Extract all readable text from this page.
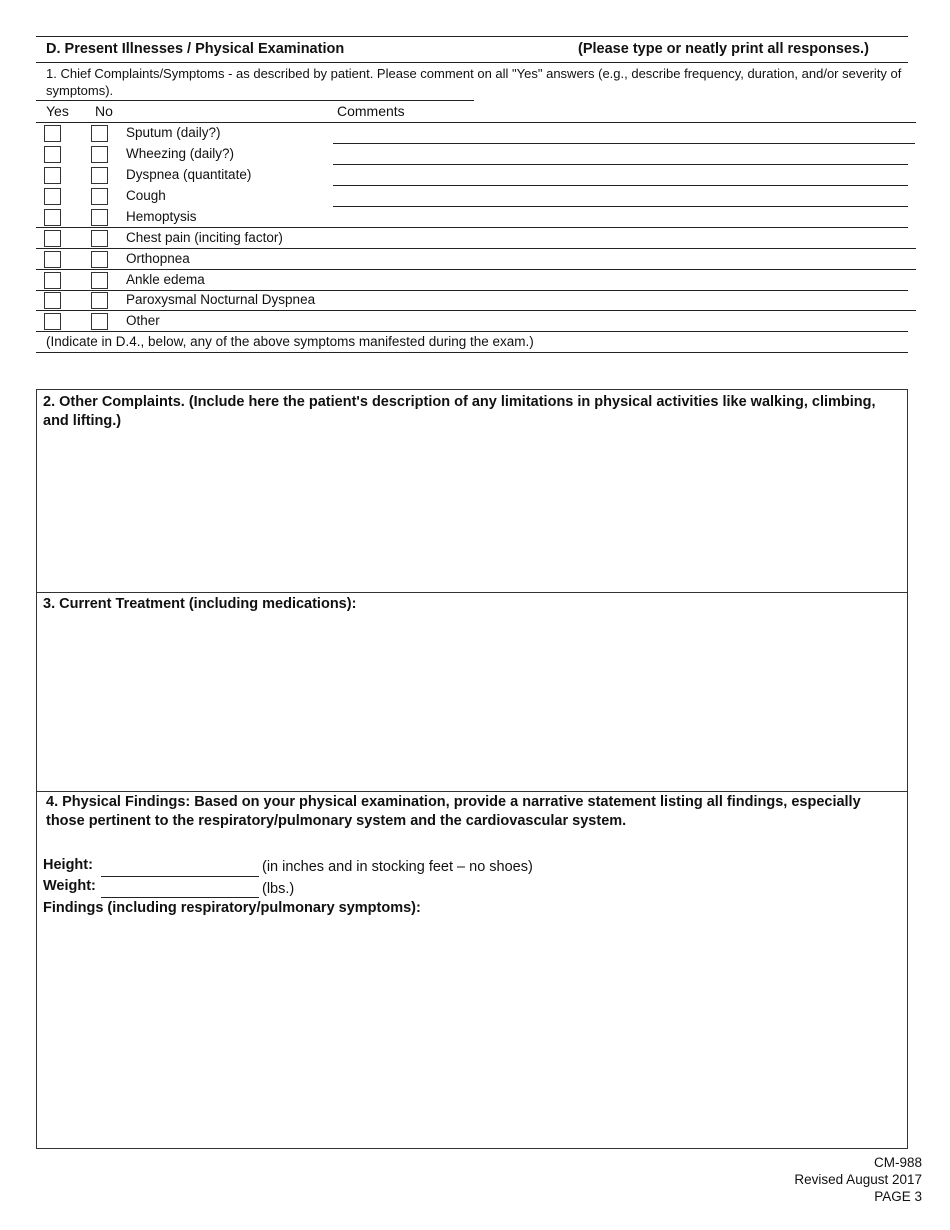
D. Present Illnesses / Physical Examination	(Please type or neatly print all responses.)
1. Chief Complaints/Symptoms - as described by patient. Please comment on all "Yes" answers (e.g., describe frequency, duration, and/or severity of symptoms).
Yes No	Comments
Sputum (daily?)
Wheezing (daily?)
Dyspnea (quantitate)
Cough
Hemoptysis
Chest pain (inciting factor)
Orthopnea
Ankle edema
Paroxysmal Nocturnal Dyspnea
Other
(Indicate in D.4., below, any of the above symptoms manifested during the exam.)
2. Other Complaints. (Include here the patient's description of any limitations in physical activities like walking, climbing, and lifting.)
3. Current Treatment (including medications):
4. Physical Findings: Based on your physical examination, provide a narrative statement listing all findings, especially those pertinent to the respiratory/pulmonary system and the cardiovascular system.
Height:	(in inches and in stocking feet – no shoes)
Weight:	(lbs.)
Findings (including respiratory/pulmonary symptoms):
CM-988
Revised August 2017
PAGE 3
